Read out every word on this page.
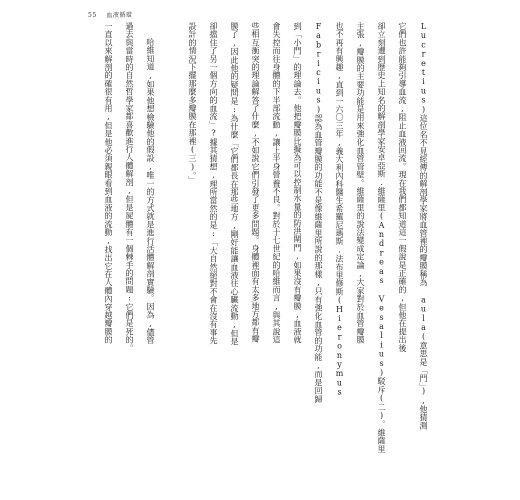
55 血液循環
Lucretius)這位名不見經傳的解剖學家將血管裡的瓣膜稱為 aula(意思是「門」),他猜測
它們也許能夠引導血流,阻止血液回流。現在我們都知道這一假說是正確的,但他在提出後
卻立刻遭到歷史上知名的解剖學家安卓亞斯.維薩里(Andreas Vesalius)駁斥(二)。維薩里
主張,瓣膜的主要功能是用來強化血管管壁。維薩里的說法變成定論,大家對於血管瓣膜
也不再有興趣,直到一六〇三年,義大利內科醫生希羅尼瑪斯.法布里修斯(Hieronymus
Fabricius)認為血管瓣膜的功能不是像維薩里所說的那樣,只有強化血管的功能,而是回歸
到「小門」的理論去。他把瓣膜比擬為可以控制水量的防洪閘門,如果沒有瓣膜,血液就
會失控而往身體的下半部流動,讓上半身營養不良。對於十七世紀的哈維而言,與其說這
些相互衝突的理論解答了什麼,不如說它們引發了更多問題。身體裡面有太多地方都有瓣
膜了,因此他的疑問是:為什麼「它們都長在那些地方,剛好能讓血液往心臟流動,但是
卻擋住了另一個方向的血流」?據其猜想,理所當然的是:「大自然絕對不會在沒有事先
設計的情況下擺那麼多瓣膜在那裡(三)。」
哈維知道,如果他想檢驗他的假設,唯一的方式就是進行活體解剖實驗。因為,儘管
過去與當時的自然哲學家都喜歡進行人體解剖,但是屍體有一個棘手的問題:它們是死的。
一直以來解剖的確很有用,但是他必須親眼看到血液的流動,找出它在人體內穿越瓣膜的
